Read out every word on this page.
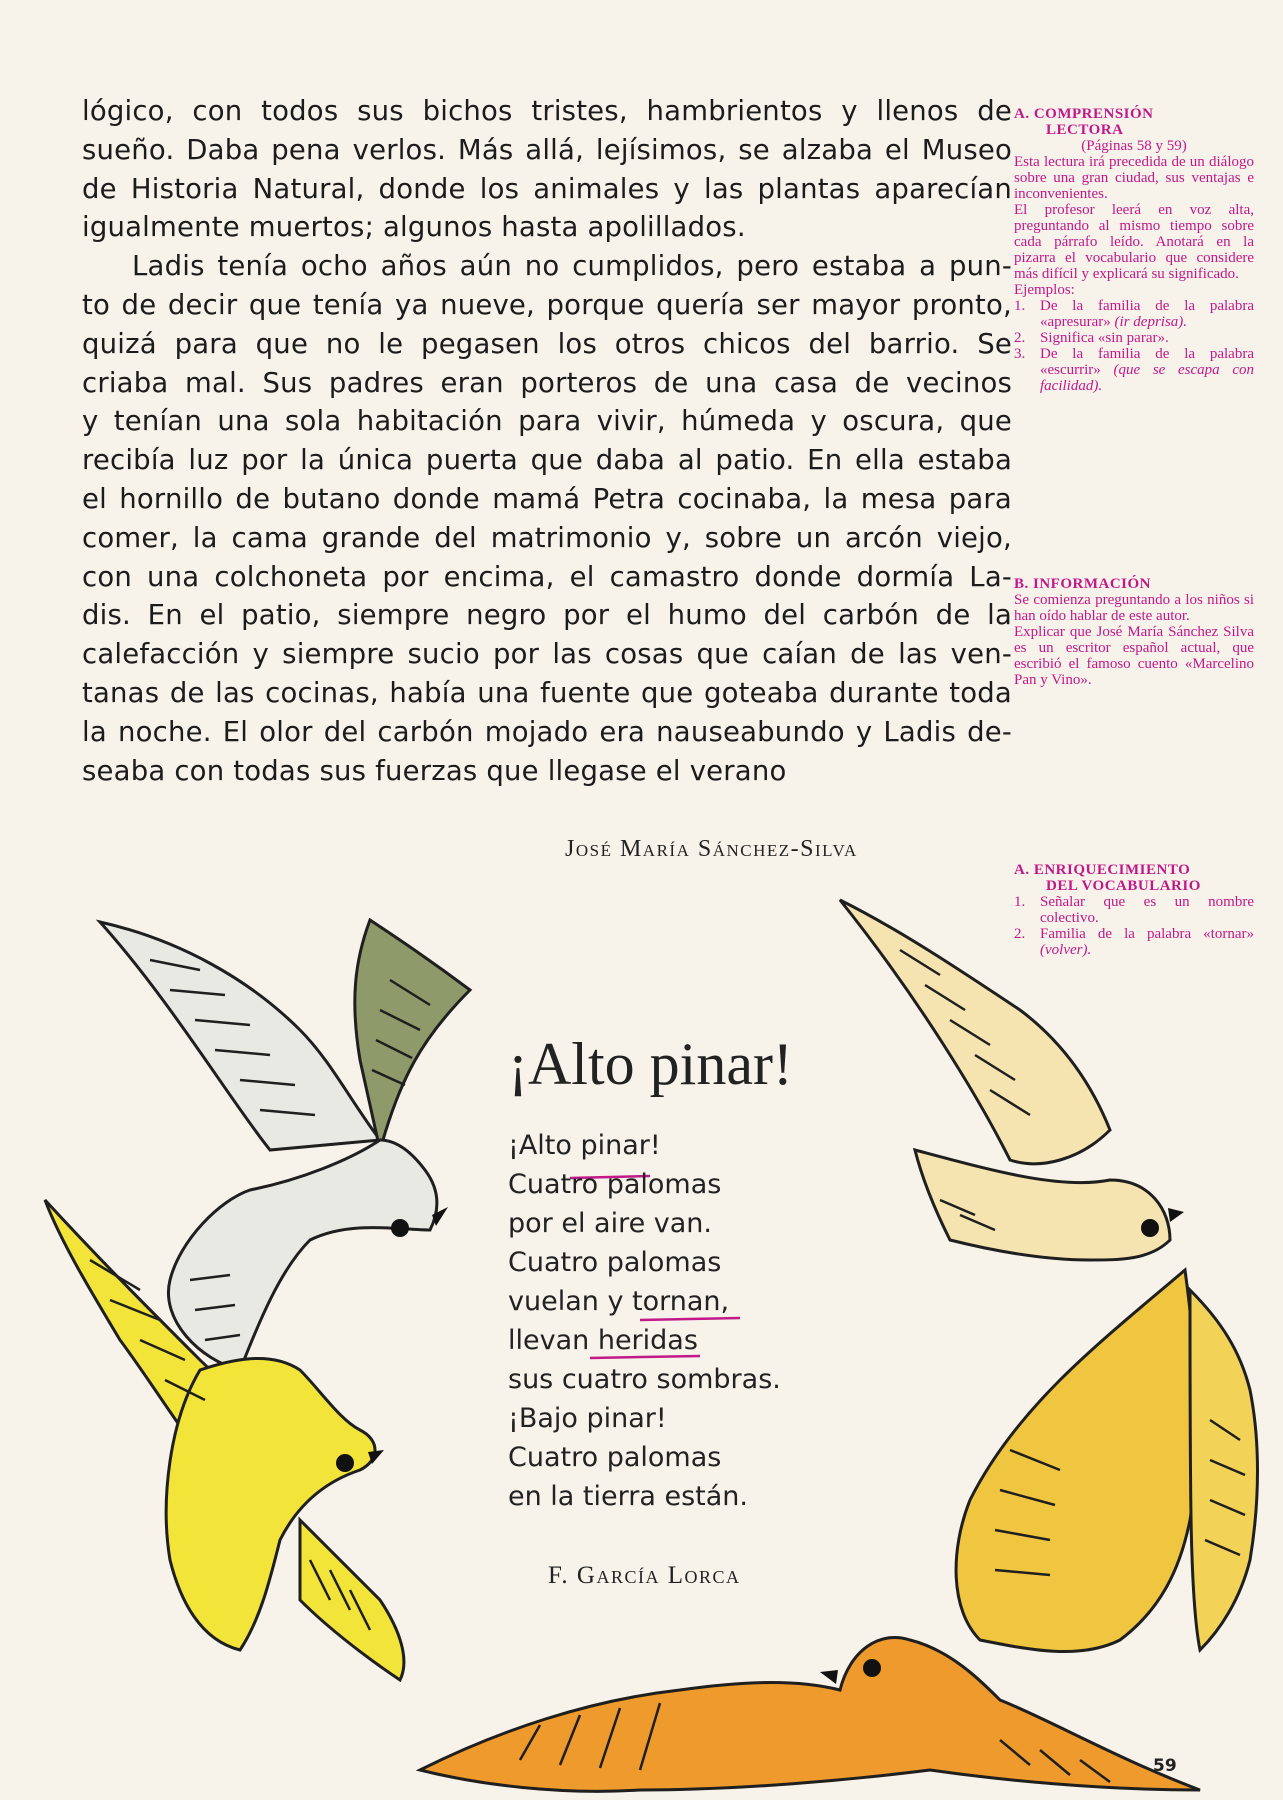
lógico, con todos sus bichos tristes, hambrientos y llenos de
sueño. Daba pena verlos. Más allá, lejísimos, se alzaba el Museo
de Historia Natural, donde los animales y las plantas aparecían
igualmente muertos; algunos hasta apolillados.
Ladis tenía ocho años aún no cumplidos, pero estaba a pun-
to de decir que tenía ya nueve, porque quería ser mayor pronto,
quizá para que no le pegasen los otros chicos del barrio. Se
criaba mal. Sus padres eran porteros de una casa de vecinos
y tenían una sola habitación para vivir, húmeda y oscura, que
recibía luz por la única puerta que daba al patio. En ella estaba
el hornillo de butano donde mamá Petra cocinaba, la mesa para
comer, la cama grande del matrimonio y, sobre un arcón viejo,
con una colchoneta por encima, el camastro donde dormía La-
dis. En el patio, siempre negro por el humo del carbón de la
calefacción y siempre sucio por las cosas que caían de las ven-
tanas de las cocinas, había una fuente que goteaba durante toda
la noche. El olor del carbón mojado era nauseabundo y Ladis de-
seaba con todas sus fuerzas que llegase el verano
A. COMPRENSIÓN
LECTORA
(Páginas 58 y 59)

Esta lectura irá precedida de un diálogo sobre una gran ciudad, sus ventajas e inconvenientes.

El profesor leerá en voz alta, preguntando al mismo tiempo sobre cada párrafo leído. Anotará en la pizarra el vocabulario que considere más difícil y explicará su significado.

Ejemplos:

1. De la familia de la palabra «apresurar» (ir deprisa).
2. Significa «sin parar».
3. De la familia de la palabra «escurrir» (que se escapa con facilidad).
B. INFORMACIÓN

Se comienza preguntando a los niños si han oído hablar de este autor.

Explicar que José María Sánchez Silva es un escritor español actual, que escribió el famoso cuento «Marcelino Pan y Vino».

A. ENRIQUECIMIENTO
DEL VOCABULARIO
1. Señalar que es un nombre colectivo.
2. Familia de la palabra «tornar» (volver).
José María Sánchez-Silva
¡Alto pinar!
¡Alto pinar!
Cuatro palomas
por el aire van.
Cuatro palomas
vuelan y tornan,
llevan heridas
sus cuatro sombras.
¡Bajo pinar!
Cuatro palomas
en la tierra están.
F. García Lorca
59
